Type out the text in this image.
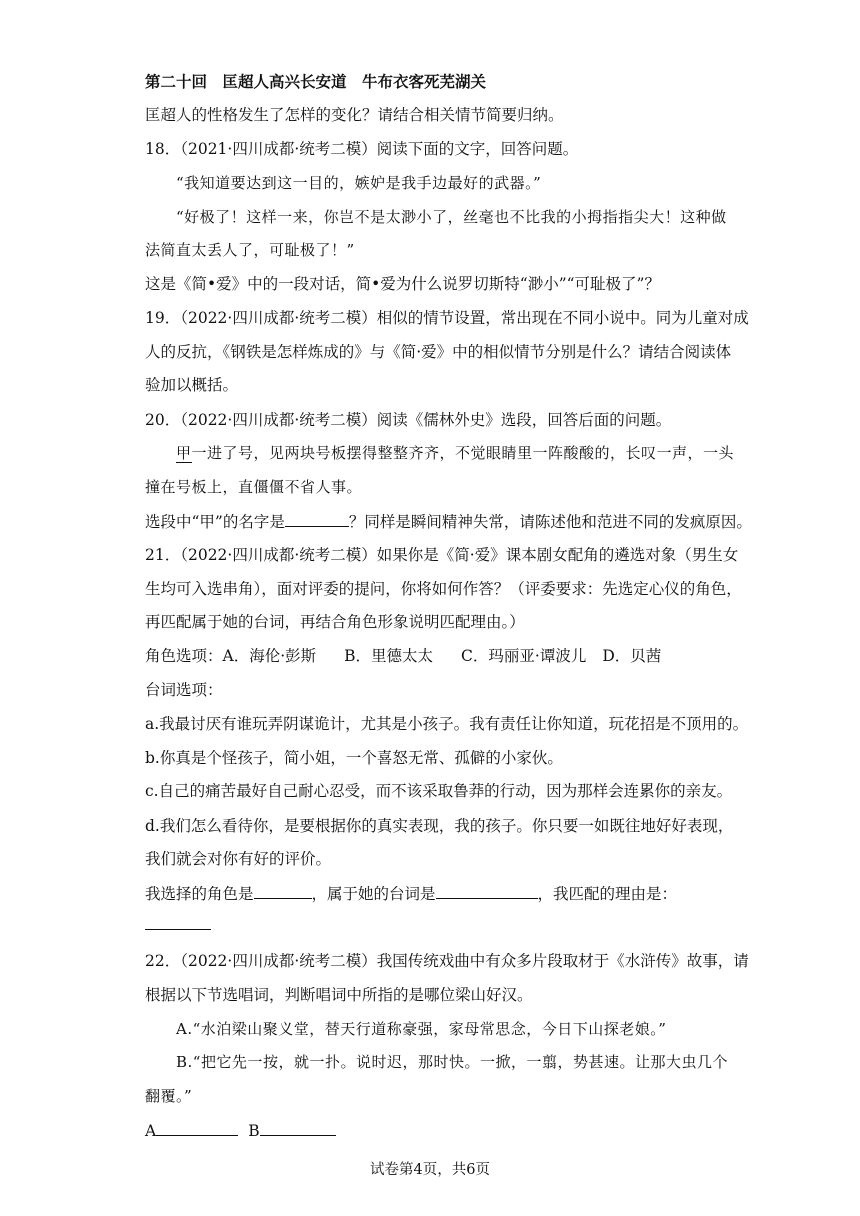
第二十回　匡超人高兴长安道　牛布衣客死芜湖关
匡超人的性格发生了怎样的变化？请结合相关情节简要归纳。
18．（2021·四川成都·统考二模）阅读下面的文字，回答问题。
“我知道要达到这一目的，嫉妒是我手边最好的武器。”
“好极了！这样一来，你岂不是太渺小了，丝毫也不比我的小拇指指尖大！这种做
法简直太丢人了，可耻极了！”
这是《简•爱》中的一段对话，简•爱为什么说罗切斯特“渺小”“可耻极了”？
19．（2022·四川成都·统考二模）相似的情节设置，常出现在不同小说中。同为儿童对成
人的反抗，《钢铁是怎样炼成的》与《简·爱》中的相似情节分别是什么？请结合阅读体
验加以概括。
20．（2022·四川成都·统考二模）阅读《儒林外史》选段，回答后面的问题。
甲一进了号，见两块号板摆得整整齐齐，不觉眼睛里一阵酸酸的，长叹一声，一头
撞在号板上，直僵僵不省人事。
选段中“甲”的名字是	？同样是瞬间精神失常，请陈述他和范进不同的发疯原因。
21．（2022·四川成都·统考二模）如果你是《简·爱》课本剧女配角的遴选对象（男生女
生均可入选串角），面对评委的提问，你将如何作答？（评委要求：先选定心仪的角色，
再匹配属于她的台词，再结合角色形象说明匹配理由。）
角色选项：A．海伦·彭斯 B．里德太太 C．玛丽亚·谭波儿 D．贝茜
台词选项：
a.我最讨厌有谁玩弄阴谋诡计，尤其是小孩子。我有责任让你知道，玩花招是不顶用的。
b.你真是个怪孩子，简小姐，一个喜怒无常、孤僻的小家伙。
c.自己的痛苦最好自己耐心忍受，而不该采取鲁莽的行动，因为那样会连累你的亲友。
d.我们怎么看待你，是要根据你的真实表现，我的孩子。你只要一如既往地好好表现，
我们就会对你有好的评价。
我选择的角色是	，属于她的台词是	，我匹配的理由是：
22．（2022·四川成都·统考二模）我国传统戏曲中有众多片段取材于《水浒传》故事，请
根据以下节选唱词，判断唱词中所指的是哪位梁山好汉。
A.“水泊梁山聚义堂，替天行道称豪强，家母常思念，今日下山探老娘。”
B.“把它先一按，就一扑。说时迟，那时快。一掀，一翦，势甚速。让那大虫几个
翻覆。”
A	B
试卷第4页，共6页
